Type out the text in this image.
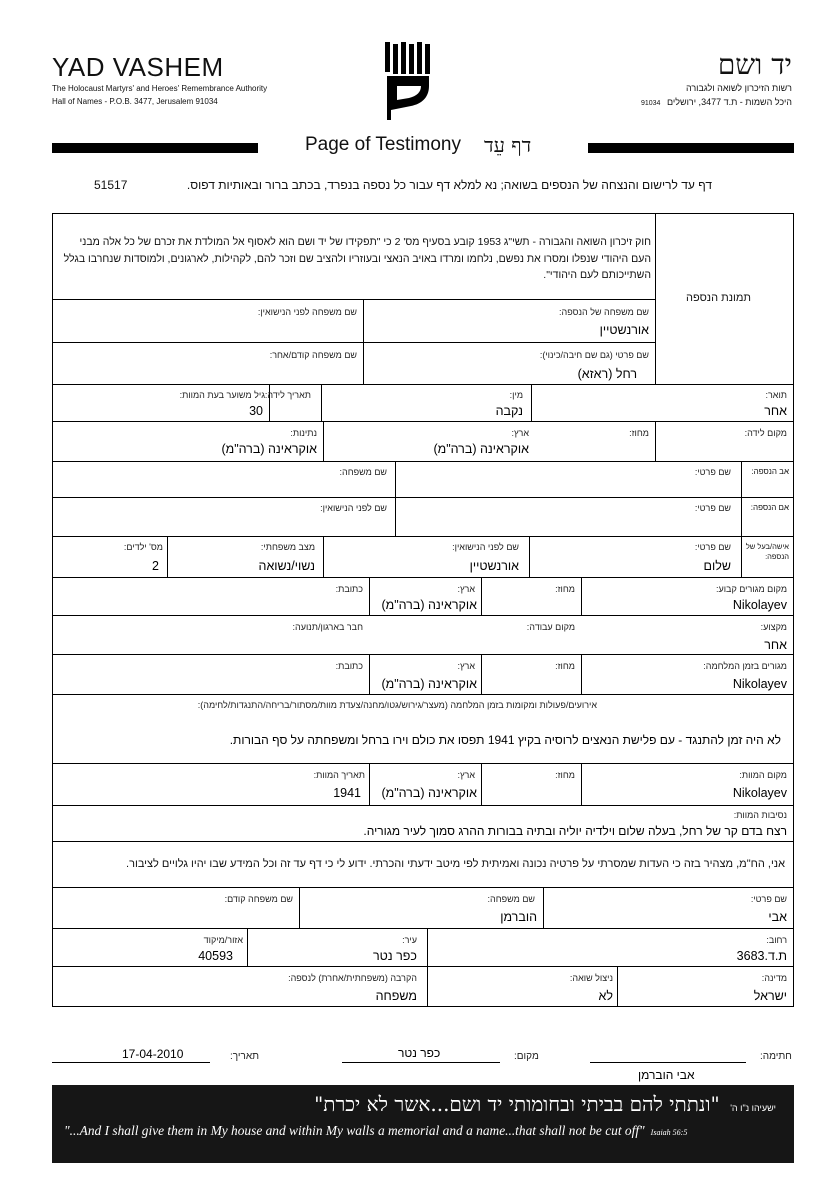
YAD VASHEM
The Holocaust Martyrs' and Heroes' Remembrance Authority
Hall of Names - P.O.B. 3477, Jerusalem 91034
יד ושם
רשות הזיכרון לשואה ולגבורה
היכל השמות - ת.ד 3477, ירושלים 91034
Page of Testimony דף עֵד
51517	דף עד לרישום והנצחה של הנספים בשואה; נא למלא דף עבור כל נספה בנפרד, בכתב ברור ובאותיות דפוס.
תמונת הנספה
חוק זיכרון השואה והגבורה - תשי"ג 1953 קובע בסעיף מס' 2 כי "תפקידו של יד ושם הוא לאסוף אל המולדת את זכרם של כל אלה מבני העם היהודי שנפלו ומסרו את נפשם, נלחמו ומרדו באויב הנאצי ובעוזריו ולהציב שם וזכר להם, לקהילות, לארגונים, ולמוסדות שנחרבו בגלל השתייכותם לעם היהודי".
שם משפחה של הנספה:
אורנשטיין
שם משפחה לפני הנישואין:
שם פרטי (גם שם חיבה/כינוי):
רחל (ראזא)
שם משפחה קודם/אחר:
תואר:
אחר
מין:
נקבה
תאריך לידה:
גיל משוער בעת המוות:
30
מקום לידה:
מחוז:
ארץ:
אוקראינה (ברה"מ)
נתינות:
אוקראינה (ברה"מ)
אב הנספה:
שם פרטי:
שם משפחה:
אם הנספה:
שם פרטי:
שם לפני הנישואין:
אישה/בעל של הנספה:
שם פרטי:
שלום
שם לפני הנישואין:
אורנשטיין
מצב משפחתי:
נשוי/נשואה
מס' ילדים:
2
מקום מגורים קבוע:
Nikolayev
מחוז:
ארץ:
אוקראינה (ברה"מ)
כתובת:
מקצוע:
אחר
מקום עבודה:
חבר בארגון/תנועה:
מגורים בזמן המלחמה:
Nikolayev
מחוז:
ארץ:
אוקראינה (ברה"מ)
כתובת:
אירועים/פעולות ומקומות בזמן המלחמה (מעצר/גירוש/גטו/מחנה/צעדת מוות/מסתור/בריחה/התנגדות/לחימה):
לא היה זמן להתנגד - עם פלישת הנאצים לרוסיה בקיץ 1941 תפסו את כולם וירו ברחל ומשפחתה על סף הבורות.
מקום המוות:
Nikolayev
מחוז:
ארץ:
אוקראינה (ברה"מ)
תאריך המוות:
1941
נסיבות המוות:
רצח בדם קר של רחל, בעלה שלום וילדיה יוליה ובתיה בבורות ההרג סמוך לעיר מגוריה.
אני, הח"מ, מצהיר בזה כי העדות שמסרתי על פרטיה נכונה ואמיתית לפי מיטב ידעתי והכרתי. ידוע לי כי דף עד זה וכל המידע שבו יהיו גלויים לציבור.
שם פרטי:
אבי
שם משפחה:
הוברמן
שם משפחה קודם:
רחוב:
ת.ד.3683
עיר:
כפר נטר
אזור/מיקוד
40593
מדינה:
ישראל
ניצול שואה:
לא
הקרבה (משפחתית/אחרת) לנספה:
משפחה
חתימה:
אבי הוברמן
מקום:
כפר נטר
תאריך:
17-04-2010
ישעיהו נ"ו ה' "ונתתי להם בביתי ובחומותי יד ושם...אשר לא יכרת"
"...And I shall give them in My house and within My walls a memorial and a name...that shall not be cut off" Isaiah 56:5
